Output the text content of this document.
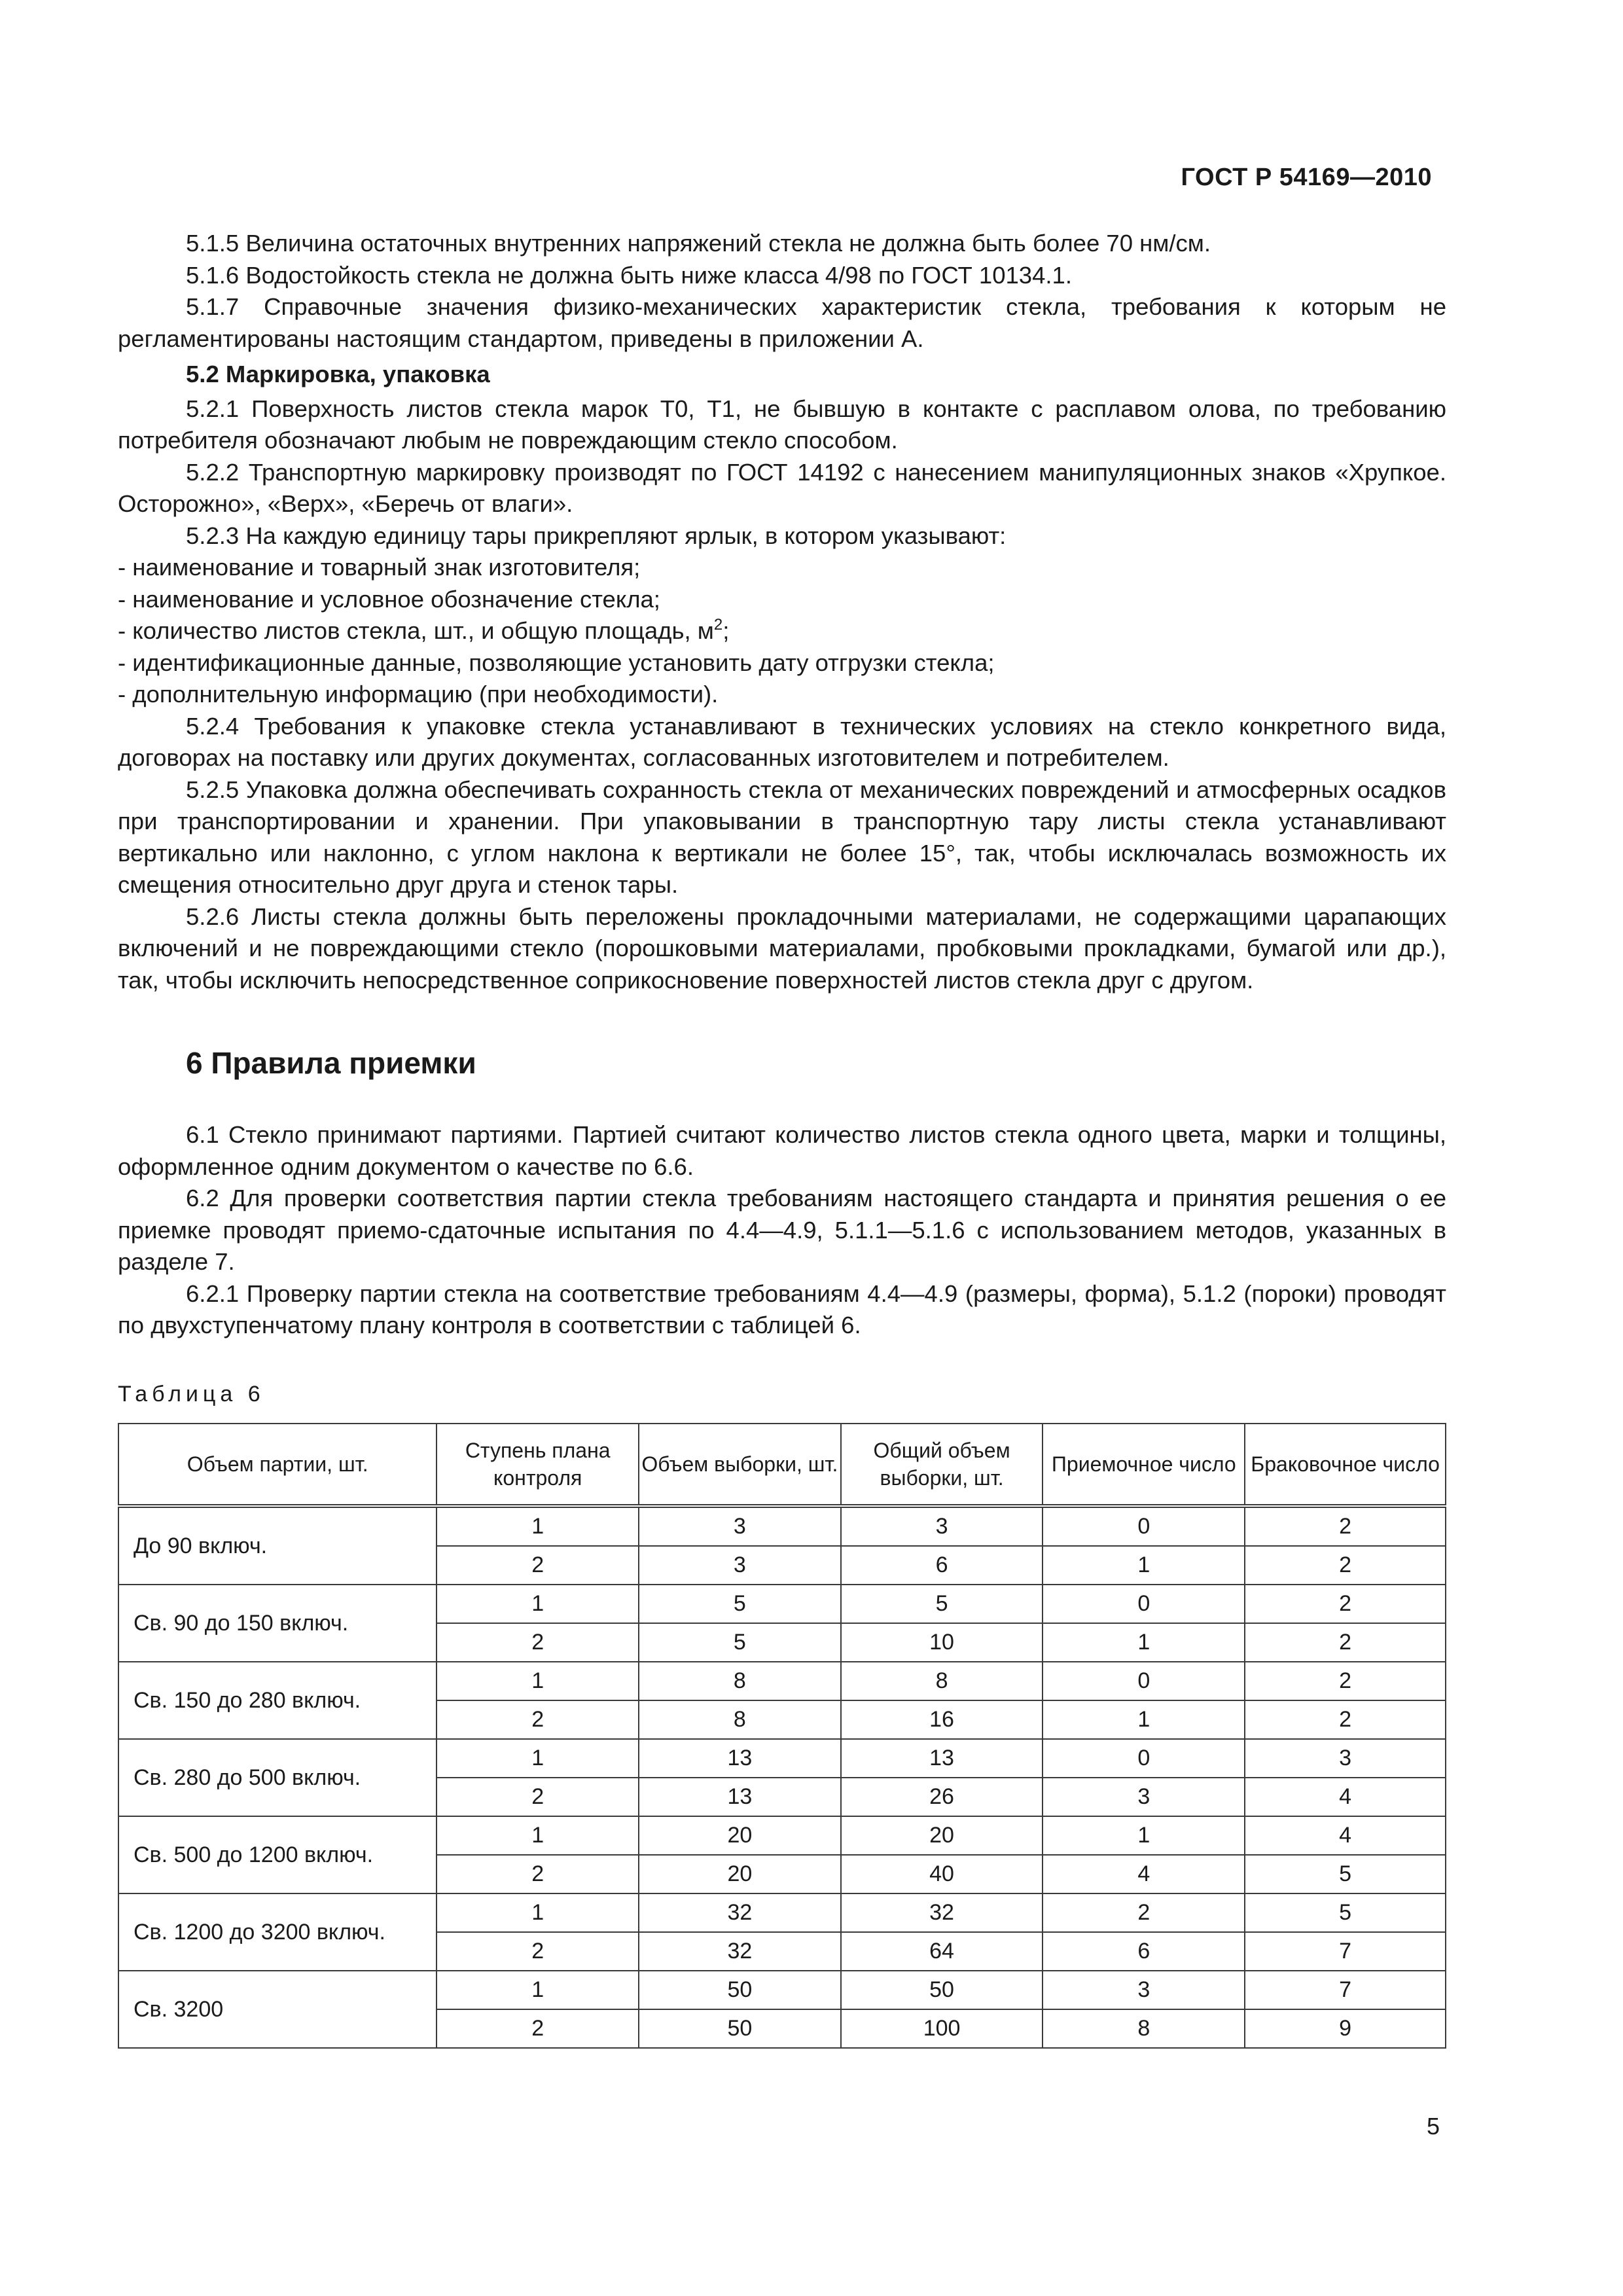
ГОСТ Р 54169—2010

5.1.5 Величина остаточных внутренних напряжений стекла не должна быть более 70 нм/см.

5.1.6 Водостойкость стекла не должна быть ниже класса 4/98 по ГОСТ 10134.1.

5.1.7 Справочные значения физико-механических характеристик стекла, требования к которым не регламентированы настоящим стандартом, приведены в приложении А.

5.2 Маркировка, упаковка

5.2.1 Поверхность листов стекла марок Т0, Т1, не бывшую в контакте с расплавом олова, по требованию потребителя обозначают любым не повреждающим стекло способом.

5.2.2 Транспортную маркировку производят по ГОСТ 14192 с нанесением манипуляционных знаков «Хрупкое. Осторожно», «Верх», «Беречь от влаги».

5.2.3 На каждую единицу тары прикрепляют ярлык, в котором указывают:

- наименование и товарный знак изготовителя;

- наименование и условное обозначение стекла;

- количество листов стекла, шт., и общую площадь, $м^2$;

- идентификационные данные, позволяющие установить дату отгрузки стекла;

- дополнительную информацию (при необходимости).

5.2.4 Требования к упаковке стекла устанавливают в технических условиях на стекло конкретного вида, договорах на поставку или других документах, согласованных изготовителем и потребителем.

5.2.5 Упаковка должна обеспечивать сохранность стекла от механических повреждений и атмосферных осадков при транспортировании и хранении. При упаковывании в транспортную тару листы стекла устанавливают вертикально или наклонно, с углом наклона к вертикали не более 15°, так, чтобы исключалась возможность их смещения относительно друг друга и стенок тары.

5.2.6 Листы стекла должны быть переложены прокладочными материалами, не содержащими царапающих включений и не повреждающими стекло (порошковыми материалами, пробковыми прокладками, бумагой или др.), так, чтобы исключить непосредственное соприкосновение поверхностей листов стекла друг с другом.

6 Правила приемки

6.1 Стекло принимают партиями. Партией считают количество листов стекла одного цвета, марки и толщины, оформленное одним документом о качестве по 6.6.

6.2 Для проверки соответствия партии стекла требованиям настоящего стандарта и принятия решения о ее приемке проводят приемо-сдаточные испытания по 4.4—4.9, 5.1.1—5.1.6 с использованием методов, указанных в разделе 7.

6.2.1 Проверку партии стекла на соответствие требованиям 4.4—4.9 (размеры, форма), 5.1.2 (пороки) проводят по двухступенчатому плану контроля в соответствии с таблицей 6.

Таблица 6

Объем партии, шт.	Ступень плана контроля	Объем выборки, шт.	Общий объем выборки, шт.	Приемочное число	Браковочное число
До 90 включ.	1	3	3	0	2
	2	3	6	1	2
Св. 90 до 150 включ.	1	5	5	0	2
	2	5	10	1	2
Св. 150 до 280 включ.	1	8	8	0	2
	2	8	16	1	2
Св. 280 до 500 включ.	1	13	13	0	3
	2	13	26	3	4
Св. 500 до 1200 включ.	1	20	20	1	4
	2	20	40	4	5
Св. 1200 до 3200 включ.	1	32	32	2	5
	2	32	64	6	7
Св. 3200	1	50	50	3	7
	2	50	100	8	9
5
